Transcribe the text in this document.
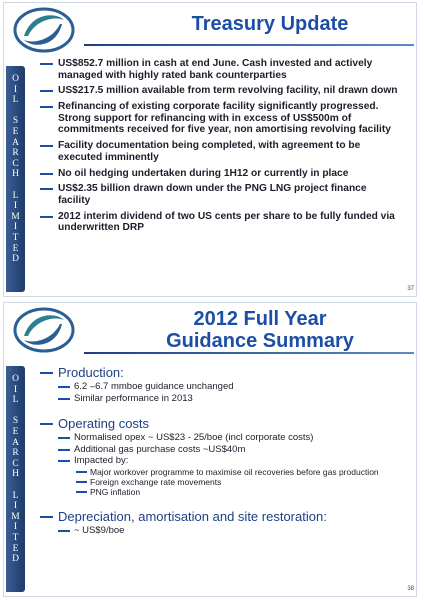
O
I
L

S
E
A
R
C
H

L
I
M
I
T
E
D
Treasury Update
US$852.7 million in cash at end June. Cash invested and actively managed with highly rated bank counterparties
US$217.5 million available from term revolving facility, nil drawn down
Refinancing of existing corporate facility significantly progressed. Strong support for refinancing with in excess of US$500m of commitments received for five year, non amortising revolving facility
Facility documentation being completed, with agreement to be executed imminently
No oil hedging undertaken during 1H12 or currently in place
US$2.35 billion drawn down under the PNG LNG project finance facility
2012 interim dividend of two US cents per share to be fully funded via underwritten DRP
37
O
I
L

S
E
A
R
C
H

L
I
M
I
T
E
D
2012 Full Year
Guidance Summary
Production:
6.2 –6.7 mmboe guidance unchanged
Similar performance in 2013
Operating costs
Normalised opex ~ US$23 - 25/boe (incl corporate costs)
Additional gas purchase costs ~US$40m
Impacted by:
Major workover programme to maximise oil recoveries before gas production
Foreign exchange rate movements
PNG inflation
Depreciation, amortisation and site restoration:
~ US$9/boe
38
